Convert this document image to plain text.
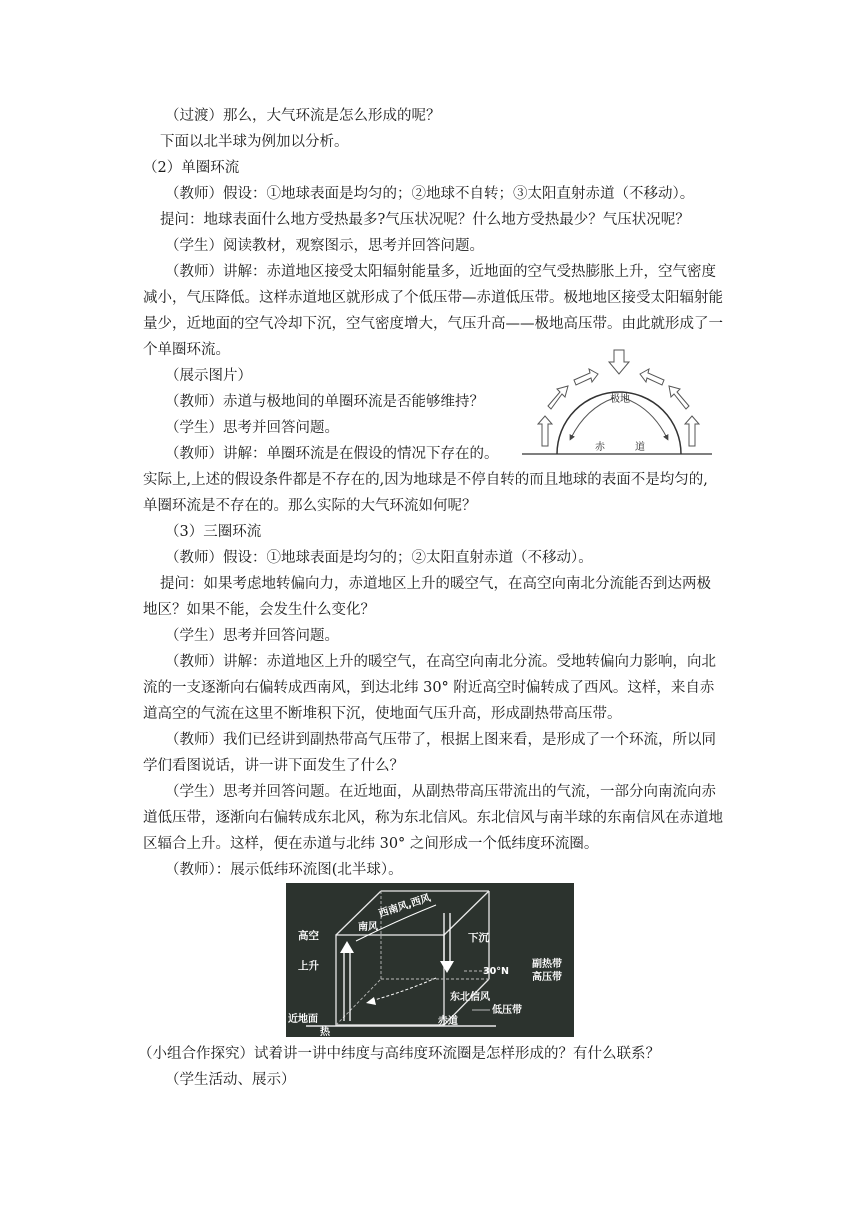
（过渡）那么，大气环流是怎么形成的呢？
下面以北半球为例加以分析。
（2）单圈环流
（教师）假设：①地球表面是均匀的；②地球不自转；③太阳直射赤道（不移动）。
提问：地球表面什么地方受热最多?气压状况呢？什么地方受热最少？气压状况呢？
（学生）阅读教材，观察图示，思考并回答问题。
（教师）讲解：赤道地区接受太阳辐射能量多，近地面的空气受热膨胀上升，空气密度
减小，气压降低。这样赤道地区就形成了个低压带—赤道低压带。极地地区接受太阳辐射能
量少，近地面的空气冷却下沉，空气密度增大，气压升高——极地高压带。由此就形成了一
个单圈环流。
（展示图片）
（教师）赤道与极地间的单圈环流是否能够维持？
（学生）思考并回答问题。
（教师）讲解：单圈环流是在假设的情况下存在的。
实际上,上述的假设条件都是不存在的,因为地球是不停自转的而且地球的表面不是均匀的,
单圈环流是不存在的。那么实际的大气环流如何呢？
（3）三圈环流
（教师）假设：①地球表面是均匀的；②太阳直射赤道（不移动）。
提问：如果考虑地转偏向力，赤道地区上升的暖空气，在高空向南北分流能否到达两极
地区？如果不能，会发生什么变化？
（学生）思考并回答问题。
（教师）讲解：赤道地区上升的暖空气，在高空向南北分流。受地转偏向力影响，向北
流的一支逐渐向右偏转成西南风，到达北纬 30° 附近高空时偏转成了西风。这样，来自赤
道高空的气流在这里不断堆积下沉，使地面气压升高，形成副热带高压带。
（教师）我们已经讲到副热带高气压带了，根据上图来看，是形成了一个环流，所以同
学们看图说话，讲一讲下面发生了什么？
（学生）思考并回答问题。在近地面，从副热带高压带流出的气流，一部分向南流向赤
道低压带，逐渐向右偏转成东北风，称为东北信风。东北信风与南半球的东南信风在赤道地
区辐合上升。这样，便在赤道与北纬 30° 之间形成一个低纬度环流圈。
（教师）：展示低纬环流图(北半球）。
（小组合作探究）试着讲一讲中纬度与高纬度环流圈是怎样形成的？有什么联系？
（学生活动、展示）
极地
赤	道
高空
上升
近地面
热
南风
西南风,西风
下沉
30°N
副热带
高压带
东北信风
赤道
低压带
